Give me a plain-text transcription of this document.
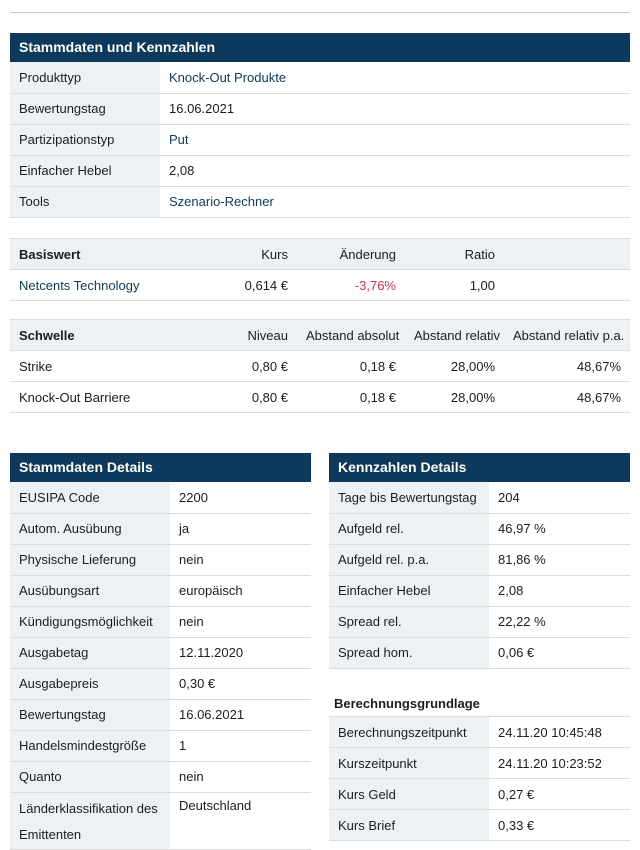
Stammdaten und Kennzahlen
Produkttyp	Knock-Out Produkte
Bewertungstag	16.06.2021
Partizipationstyp	Put
Einfacher Hebel	2,08
Tools	Szenario-Rechner
Basiswert	Kurs	Änderung	Ratio	
Netcents Technology	0,614 €	-3,76%	1,00	
Schwelle	Niveau	Abstand absolut	Abstand relativ	Abstand relativ p.a.
Strike	0,80 €	0,18 €	28,00%	48,67%
Knock-Out Barriere	0,80 €	0,18 €	28,00%	48,67%
Stammdaten Details
EUSIPA Code	2200
Autom. Ausübung	ja
Physische Lieferung	nein
Ausübungsart	europäisch
Kündigungsmöglichkeit	nein
Ausgabetag	12.11.2020
Ausgabepreis	0,30 €
Bewertungstag	16.06.2021
Handelsmindestgröße	1
Quanto	nein
Länderklassifikation des Emittenten	Deutschland
Kennzahlen Details
Tage bis Bewertungstag	204
Aufgeld rel.	46,97 %
Aufgeld rel. p.a.	81,86 %
Einfacher Hebel	2,08
Spread rel.	22,22 %
Spread hom.	0,06 €
Berechnungsgrundlage
Berechnungszeitpunkt	24.11.20 10:45:48
Kurszeitpunkt	24.11.20 10:23:52
Kurs Geld	0,27 €
Kurs Brief	0,33 €
